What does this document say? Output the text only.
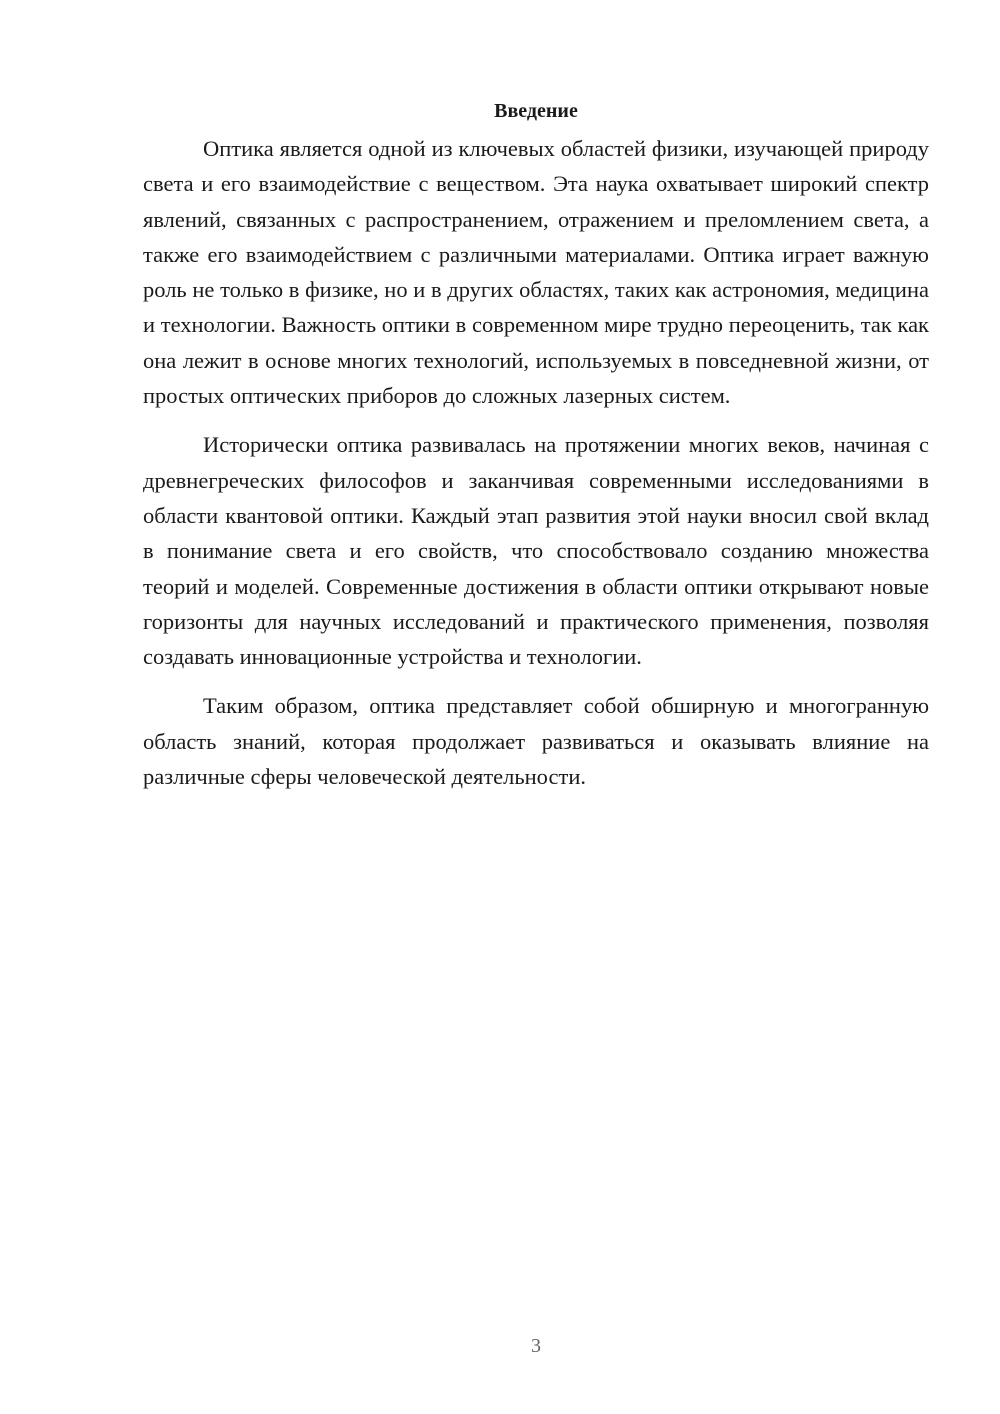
Введение

Оптика является одной из ключевых областей физики, изучающей природу света и его взаимодействие с веществом. Эта наука охватывает широкий спектр явлений, связанных с распространением, отражением и преломлением света, а также его взаимодействием с различными материалами. Оптика играет важную роль не только в физике, но и в других областях, таких как астрономия, медицина и технологии. Важность оптики в современном мире трудно переоценить, так как она лежит в основе многих технологий, используемых в повседневной жизни, от простых оптических приборов до сложных лазерных систем.

Исторически оптика развивалась на протяжении многих веков, начиная с древнегреческих философов и заканчивая современными исследованиями в области квантовой оптики. Каждый этап развития этой науки вносил свой вклад в понимание света и его свойств, что способствовало созданию множества теорий и моделей. Современные достижения в области оптики открывают новые горизонты для научных исследований и практического применения, позволяя создавать инновационные устройства и технологии.

Таким образом, оптика представляет собой обширную и многогранную область знаний, которая продолжает развиваться и оказывать влияние на различные сферы человеческой деятельности.

3
